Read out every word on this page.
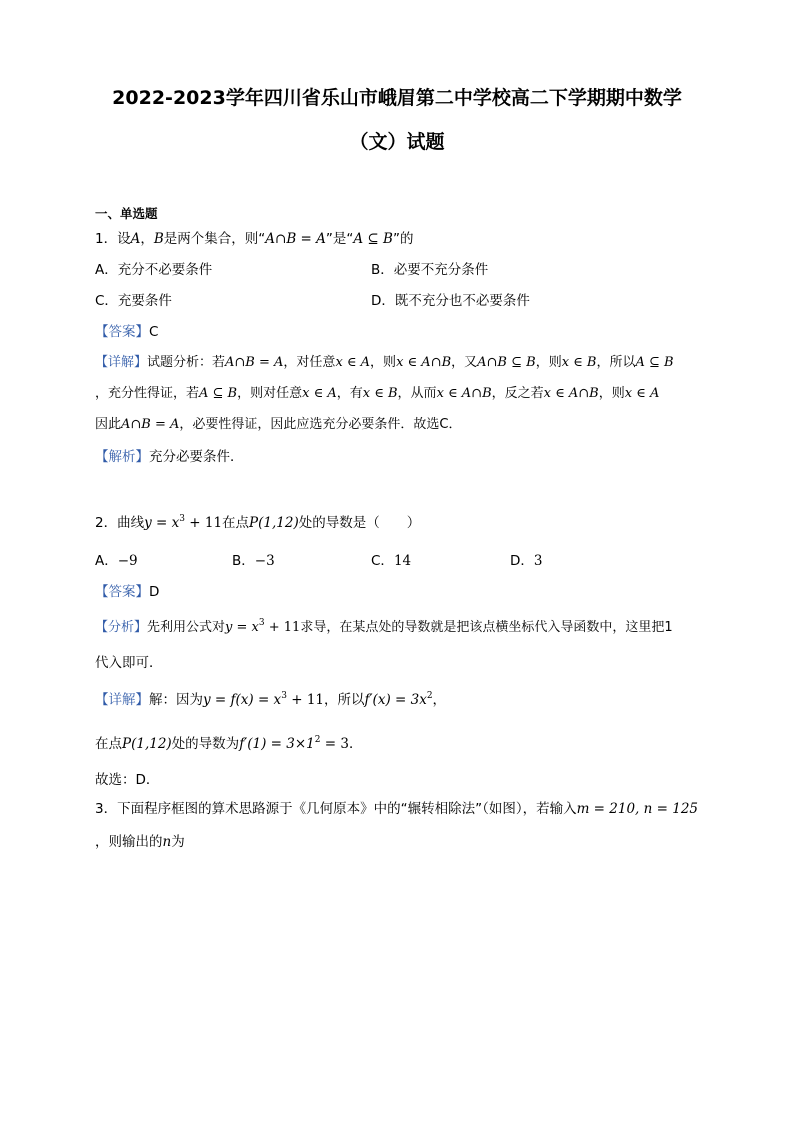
2022-2023学年四川省乐山市峨眉第二中学校高二下学期期中数学
（文）试题
一、单选题
1．设A，B是两个集合，则“A∩B = A”是“A ⊆ B”的
A．充分不必要条件	B．必要不充分条件
C．充要条件	D．既不充分也不必要条件
【答案】C
【详解】试题分析：若A∩B = A，对任意x ∈ A，则x ∈ A∩B，又A∩B ⊆ B，则x ∈ B，所以A ⊆ B
，充分性得证，若A ⊆ B，则对任意x ∈ A，有x ∈ B，从而x ∈ A∩B，反之若x ∈ A∩B，则x ∈ A
因此A∩B = A，必要性得证，因此应选充分必要条件．故选C．
【解析】充分必要条件．
2．曲线$y = x^3 + 11$在点P(1,12)处的导数是（　　）
A．−9	B．−3	C．14	D．3
【答案】D
【分析】先利用公式对$y = x^3 + 11$求导，在某点处的导数就是把该点横坐标代入导函数中，这里把1
代入即可．
【详解】解：因为$y = f(x) = x^3 + 11$，所以$f'(x) = 3x^2$，
在点P(1,12)处的导数为$f'(1) = 3\times 1^2 = 3$．
故选：D．
3．下面程序框图的算术思路源于《几何原本》中的“辗转相除法”（如图），若输入m = 210, n = 125
，则输出的n为
